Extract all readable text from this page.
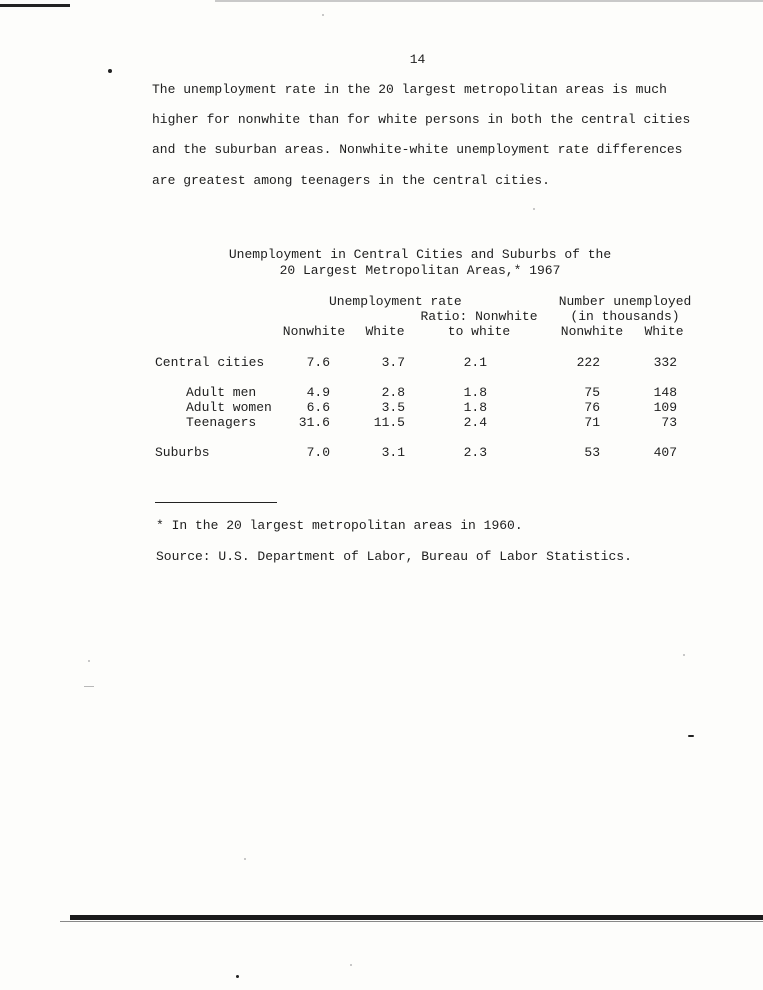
14
The unemployment rate in the 20 largest metropolitan areas is much
higher for nonwhite than for white persons in both the central cities
and the suburban areas. Nonwhite-white unemployment rate differences
are greatest among teenagers in the central cities.
Unemployment in Central Cities and Suburbs of the
20 Largest Metropolitan Areas,* 1967
Unemployment rate
Ratio: Nonwhite
to white
Number unemployed
(in thousands)
Nonwhite	White	Nonwhite	White
Central cities	7.6	3.7	2.1	222	332
Adult men	4.9	2.8	1.8	75	148
Adult women	6.6	3.5	1.8	76	109
Teenagers	31.6	11.5	2.4	71	73
Suburbs	7.0	3.1	2.3	53	407
* In the 20 largest metropolitan areas in 1960.
Source: U.S. Department of Labor, Bureau of Labor Statistics.
